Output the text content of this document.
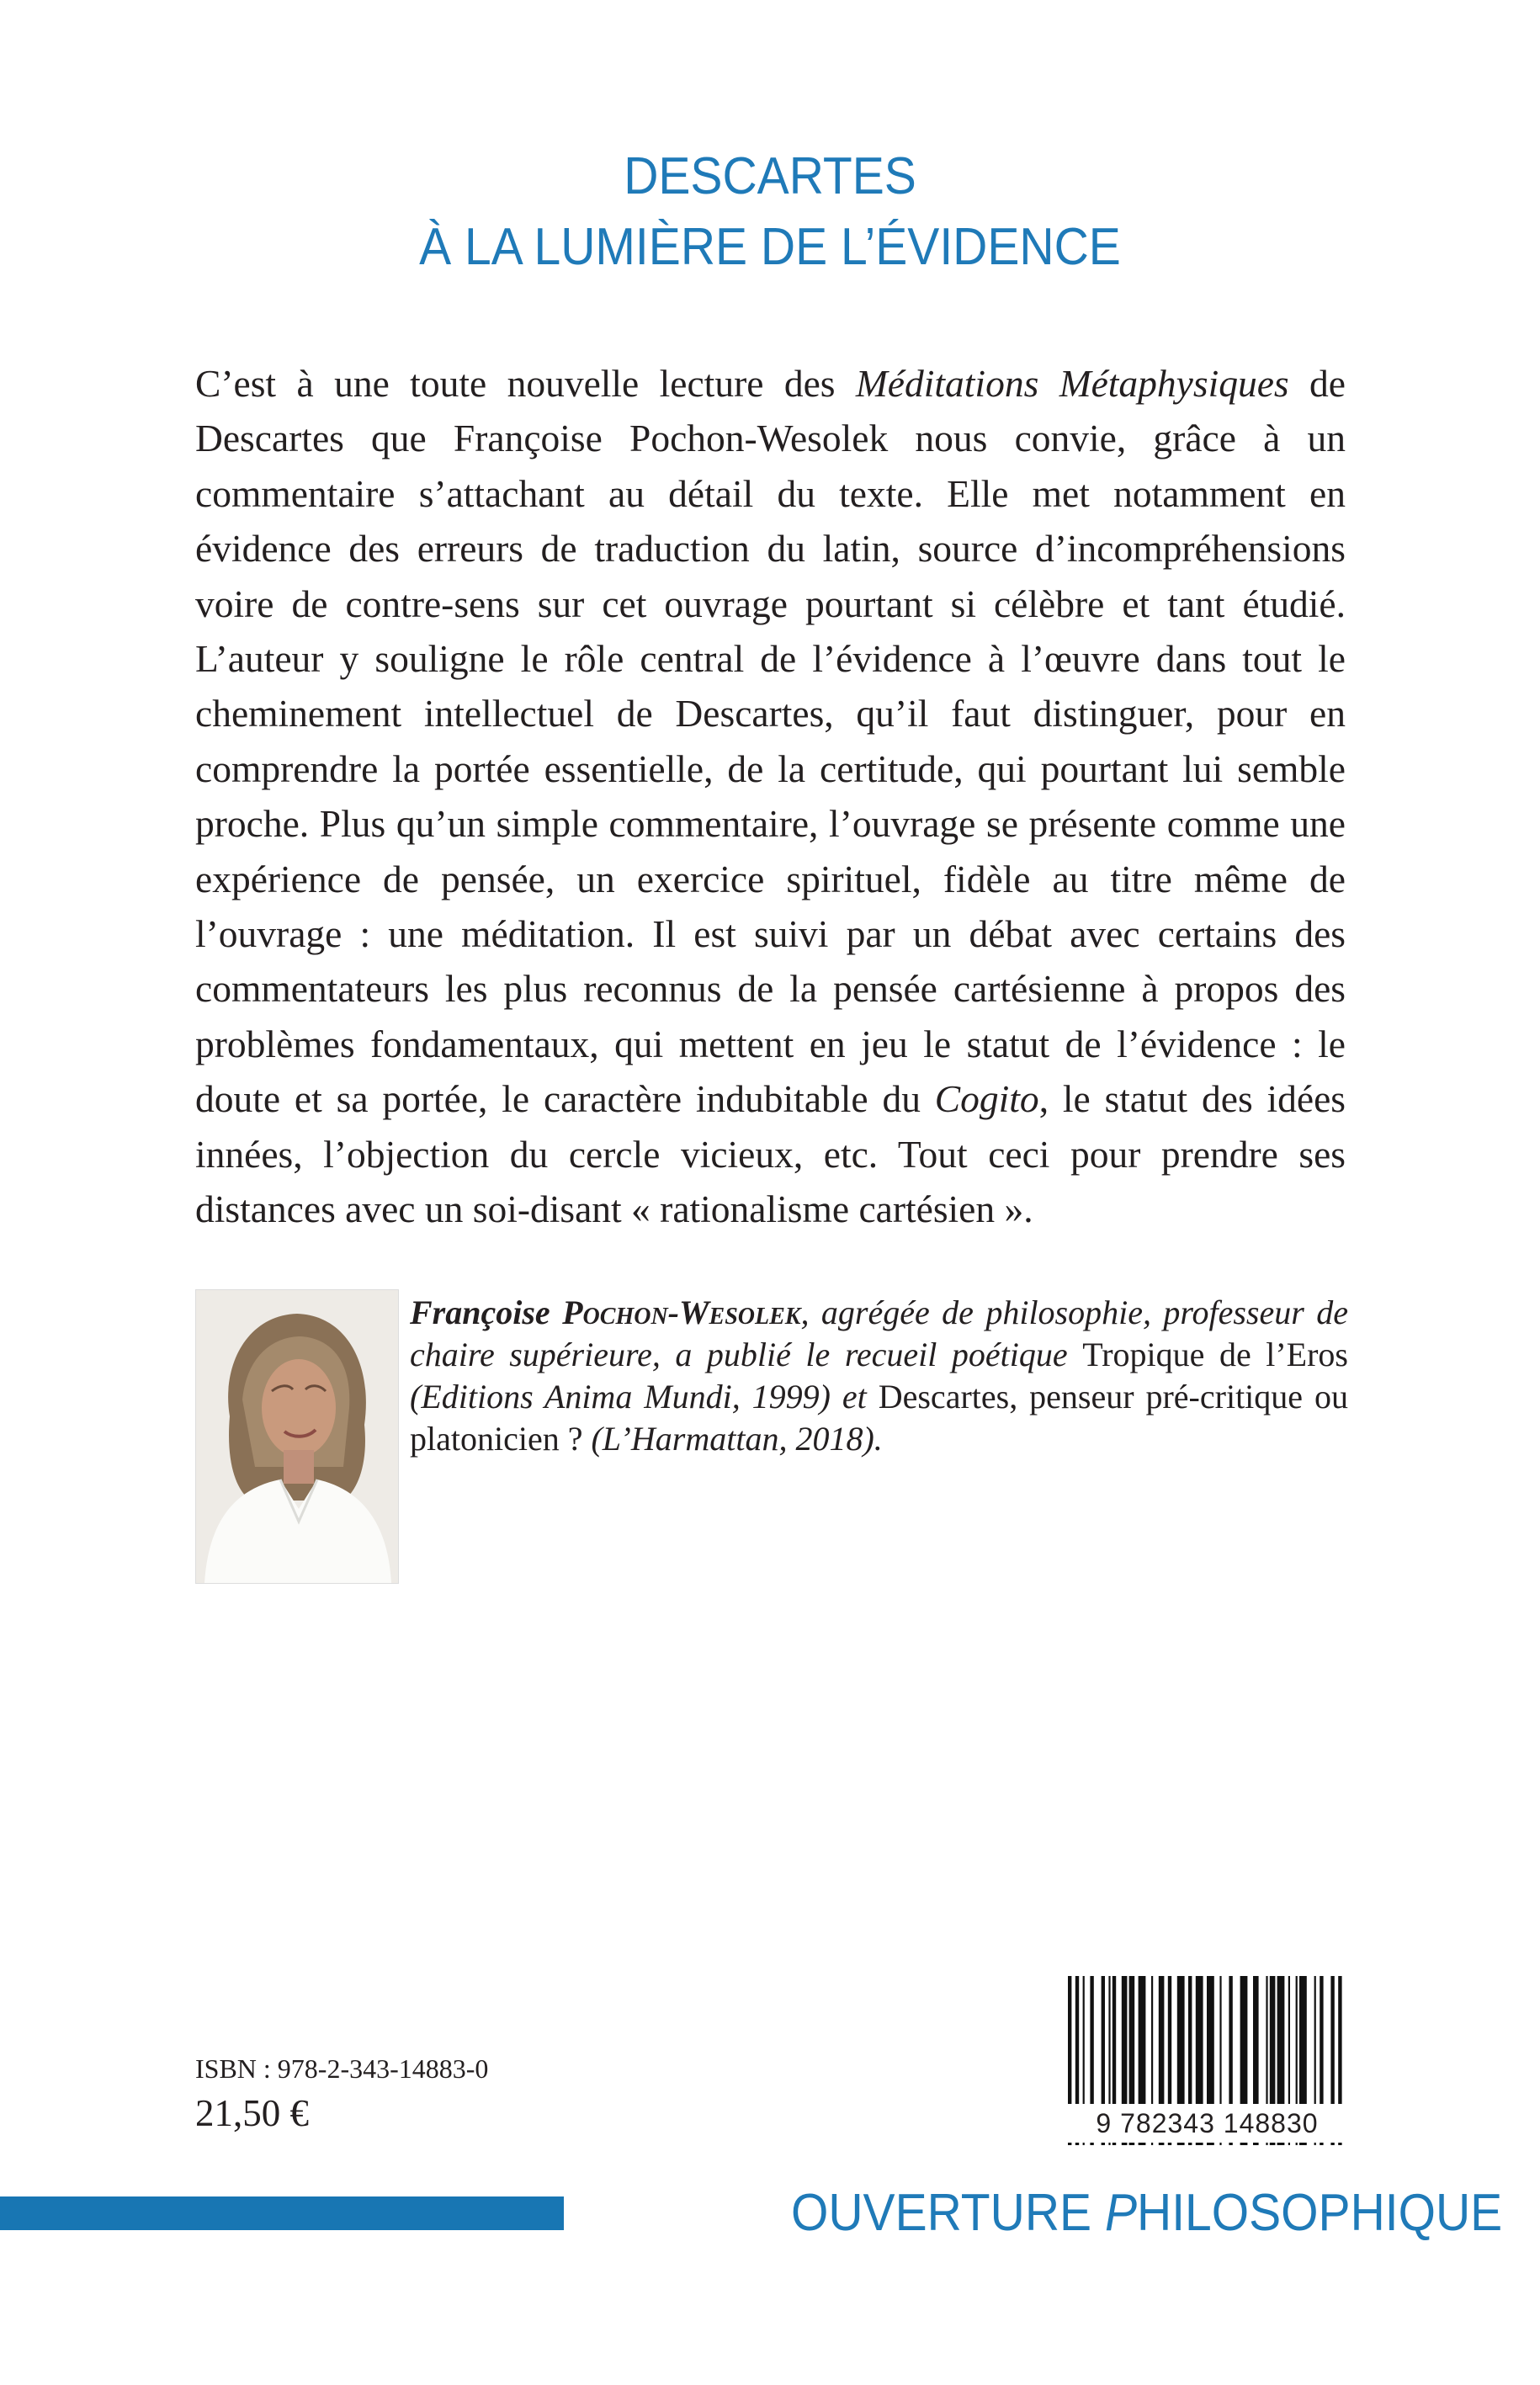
DESCARTES
À LA LUMIÈRE DE L’ÉVIDENCE

C’est à une toute nouvelle lecture des Méditations Métaphysiques de Descartes que Françoise Pochon-Wesolek nous convie, grâce à un commentaire s’attachant au détail du texte. Elle met notamment en évidence des erreurs de traduction du latin, source d’incompréhensions voire de contre-sens sur cet ouvrage pourtant si célèbre et tant étudié. L’auteur y souligne le rôle central de l’évidence à l’œuvre dans tout le cheminement intellectuel de Descartes, qu’il faut distinguer, pour en comprendre la portée essentielle, de la certitude, qui pourtant lui semble proche. Plus qu’un simple commentaire, l’ouvrage se présente comme une expérience de pensée, un exercice spirituel, fidèle au titre même de l’ouvrage : une méditation. Il est suivi par un débat avec certains des commentateurs les plus reconnus de la pensée cartésienne à propos des problèmes fondamentaux, qui mettent en jeu le statut de l’évidence : le doute et sa portée, le caractère indubitable du Cogito, le statut des idées innées, l’objection du cercle vicieux, etc. Tout ceci pour prendre ses distances avec un soi-disant « rationalisme cartésien ».

Françoise Pochon-Wesolek, agrégée de philosophie, professeur de chaire supérieure, a publié le recueil poétique Tropique de l’Eros (Editions Anima Mundi, 1999) et Descartes, penseur pré-critique ou platonicien ? (L’Harmattan, 2018).
ISBN : 978-2-343-14883-0
21,50 €	9 782343 148830
OUVERTURE PHILOSOPHIQUE
